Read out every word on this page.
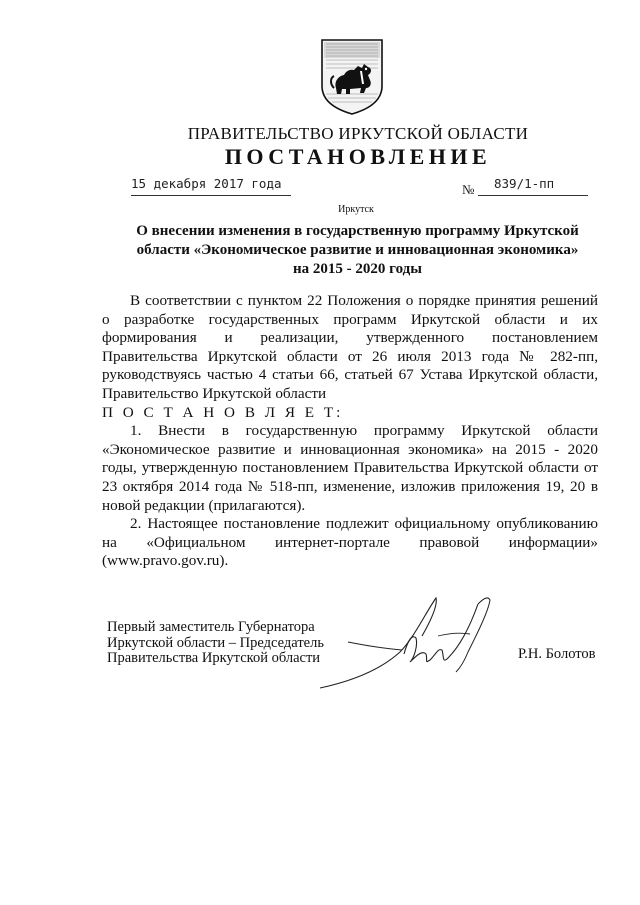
ПРАВИТЕЛЬСТВО ИРКУТСКОЙ ОБЛАСТИ
ПОСТАНОВЛЕНИЕ
15 декабря 2017 года	№ 839/1-пп
Иркутск
О внесении изменения в государственную программу Иркутской
области «Экономическое развитие и инновационная экономика»
на 2015 - 2020 годы

В соответствии с пунктом 22 Положения о порядке принятия решений о разработке государственных программ Иркутской области и их формирования и реализации, утвержденного постановлением Правительства Иркутской области от 26 июля 2013 года № 282-пп, руководствуясь частью 4 статьи 66, статьей 67 Устава Иркутской области, Правительство Иркутской области

П О С Т А Н О В Л Я Е Т:

1. Внести в государственную программу Иркутской области «Экономическое развитие и инновационная экономика» на 2015 - 2020 годы, утвержденную постановлением Правительства Иркутской области от 23 октября 2014 года № 518-пп, изменение, изложив приложения 19, 20 в новой редакции (прилагаются).

2. Настоящее постановление подлежит официальному опубликованию на «Официальном интернет-портале правовой информации» (www.pravo.gov.ru).

Первый заместитель Губернатора
Иркутской области – Председатель
Правительства Иркутской области	Р.Н. Болотов
